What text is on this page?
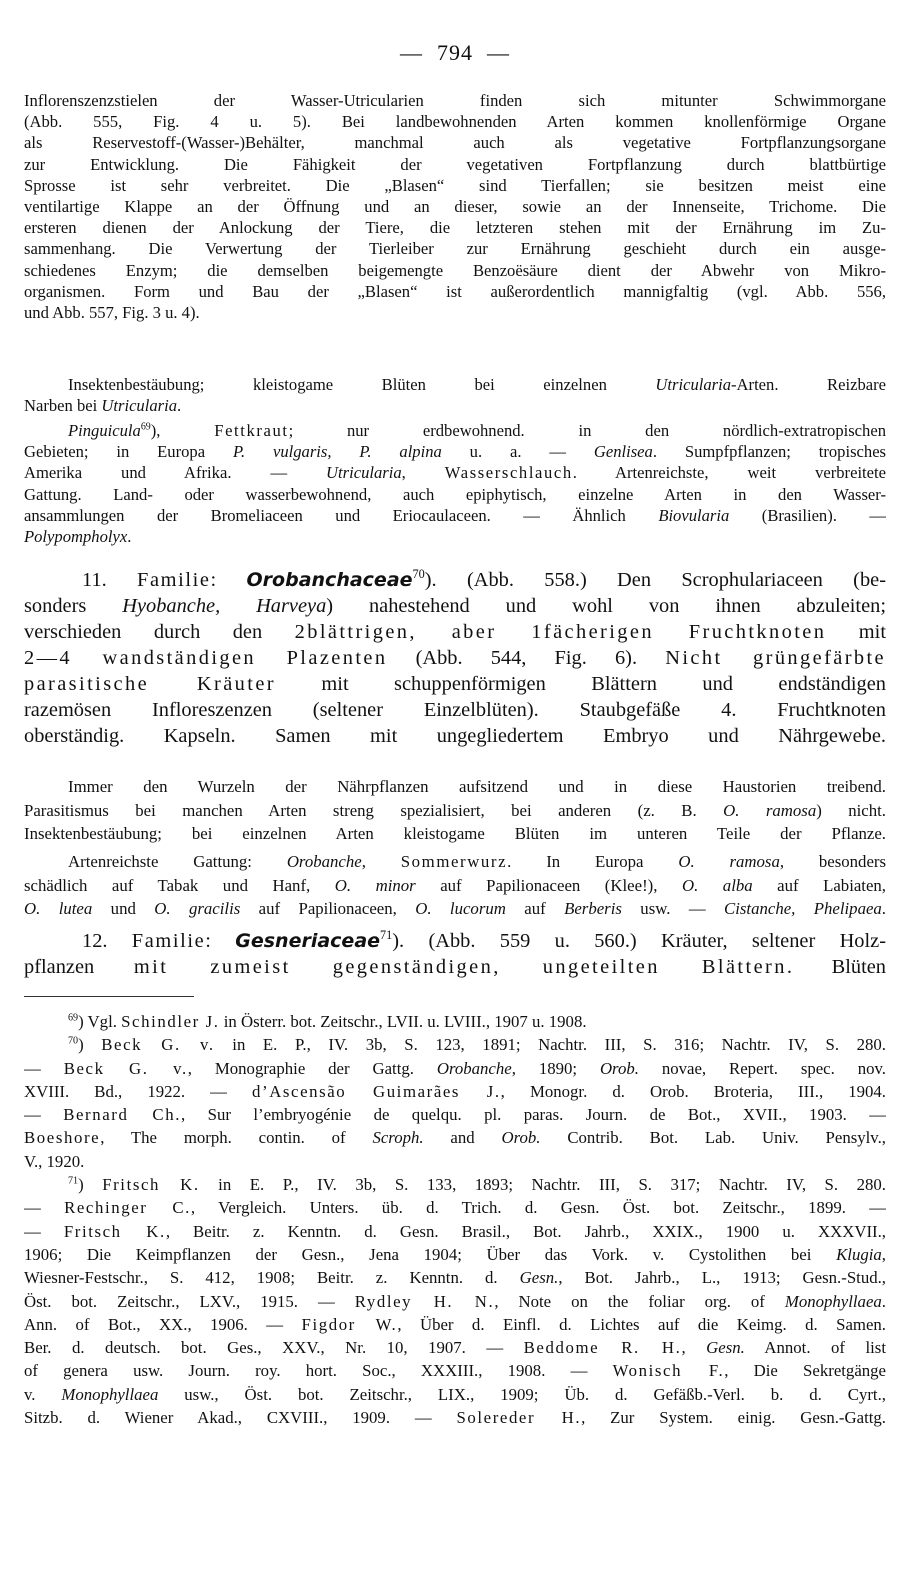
— 794 —
Inflorenszenzstielen der Wasser-Utricularien finden sich mitunter Schwimmorgane
(Abb. 555, Fig. 4 u. 5). Bei landbewohnenden Arten kommen knollenförmige Organe
als Reservestoff-(Wasser-)Behälter, manchmal auch als vegetative Fortpflanzungsorgane
zur Entwicklung. Die Fähigkeit der vegetativen Fortpflanzung durch blattbürtige
Sprosse ist sehr verbreitet. Die „Blasen“ sind Tierfallen; sie besitzen meist eine
ventilartige Klappe an der Öffnung und an dieser, sowie an der Innenseite, Trichome. Die
ersteren dienen der Anlockung der Tiere, die letzteren stehen mit der Ernährung im Zu-
sammenhang. Die Verwertung der Tierleiber zur Ernährung geschieht durch ein ausge-
schiedenes Enzym; die demselben beigemengte Benzoësäure dient der Abwehr von Mikro-
organismen. Form und Bau der „Blasen“ ist außerordentlich mannigfaltig (vgl. Abb. 556,
und Abb. 557, Fig. 3 u. 4).
Insektenbestäubung; kleistogame Blüten bei einzelnen Utricularia-Arten. Reizbare
Narben bei Utricularia.
Pinguicula$^{69}$), Fettkraut; nur erdbewohnend. in den nördlich-extratropischen
Gebieten; in Europa P. vulgaris, P. alpina u. a. — Genlisea. Sumpfpflanzen; tropisches
Amerika und Afrika. — Utricularia, Wasserschlauch. Artenreichste, weit verbreitete
Gattung. Land- oder wasserbewohnend, auch epiphytisch, einzelne Arten in den Wasser-
ansammlungen der Bromeliaceen und Eriocaulaceen. — Ähnlich Biovularia (Brasilien). —
Polypompholyx.
11. Familie: Orobanchaceae$^{70}$). (Abb. 558.) Den Scrophulariaceen (be-
sonders Hyobanche, Harveya) nahestehend und wohl von ihnen abzuleiten;
verschieden durch den 2blättrigen, aber 1fächerigen Fruchtknoten mit
2—4 wandständigen Plazenten (Abb. 544, Fig. 6). Nicht grüngefärbte
parasitische Kräuter mit schuppenförmigen Blättern und endständigen
razemösen Infloreszenzen (seltener Einzelblüten). Staubgefäße 4. Fruchtknoten
oberständig. Kapseln. Samen mit ungegliedertem Embryo und Nährgewebe.
Immer den Wurzeln der Nährpflanzen aufsitzend und in diese Haustorien treibend.
Parasitismus bei manchen Arten streng spezialisiert, bei anderen (z. B. O. ramosa) nicht.
Insektenbestäubung; bei einzelnen Arten kleistogame Blüten im unteren Teile der Pflanze.
Artenreichste Gattung: Orobanche, Sommerwurz. In Europa O. ramosa, besonders
schädlich auf Tabak und Hanf, O. minor auf Papilionaceen (Klee!), O. alba auf Labiaten,
O. lutea und O. gracilis auf Papilionaceen, O. lucorum auf Berberis usw. — Cistanche, Phelipaea.
12. Familie: Gesneriaceae$^{71}$). (Abb. 559 u. 560.) Kräuter, seltener Holz-
pflanzen mit zumeist gegenständigen, ungeteilten Blättern. Blüten
$^{69}$) Vgl. Schindler J. in Österr. bot. Zeitschr., LVII. u. LVIII., 1907 u. 1908.
$^{70}$) Beck G. v. in E. P., IV. 3b, S. 123, 1891; Nachtr. III, S. 316; Nachtr. IV, S. 280.
— Beck G. v., Monographie der Gattg. Orobanche, 1890; Orob. novae, Repert. spec. nov.
XVIII. Bd., 1922. — d’Ascensão Guimarães J., Monogr. d. Orob. Broteria, III., 1904.
— Bernard Ch., Sur l’embryogénie de quelqu. pl. paras. Journ. de Bot., XVII., 1903. —
Boeshore, The morph. contin. of Scroph. and Orob. Contrib. Bot. Lab. Univ. Pensylv.,
V., 1920.
$^{71}$) Fritsch K. in E. P., IV. 3b, S. 133, 1893; Nachtr. III, S. 317; Nachtr. IV, S. 280.
— Rechinger C., Vergleich. Unters. üb. d. Trich. d. Gesn. Öst. bot. Zeitschr., 1899. —
— Fritsch K., Beitr. z. Kenntn. d. Gesn. Brasil., Bot. Jahrb., XXIX., 1900 u. XXXVII.,
1906; Die Keimpflanzen der Gesn., Jena 1904; Über das Vork. v. Cystolithen bei Klugia,
Wiesner-Festschr., S. 412, 1908; Beitr. z. Kenntn. d. Gesn., Bot. Jahrb., L., 1913; Gesn.-Stud.,
Öst. bot. Zeitschr., LXV., 1915. — Rydley H. N., Note on the foliar org. of Monophyllaea.
Ann. of Bot., XX., 1906. — Figdor W., Über d. Einfl. d. Lichtes auf die Keimg. d. Samen.
Ber. d. deutsch. bot. Ges., XXV., Nr. 10, 1907. — Beddome R. H., Gesn. Annot. of list
of genera usw. Journ. roy. hort. Soc., XXXIII., 1908. — Wonisch F., Die Sekretgänge
v. Monophyllaea usw., Öst. bot. Zeitschr., LIX., 1909; Üb. d. Gefäßb.-Verl. b. d. Cyrt.,
Sitzb. d. Wiener Akad., CXVIII., 1909. — Solereder H., Zur System. einig. Gesn.-Gattg.
